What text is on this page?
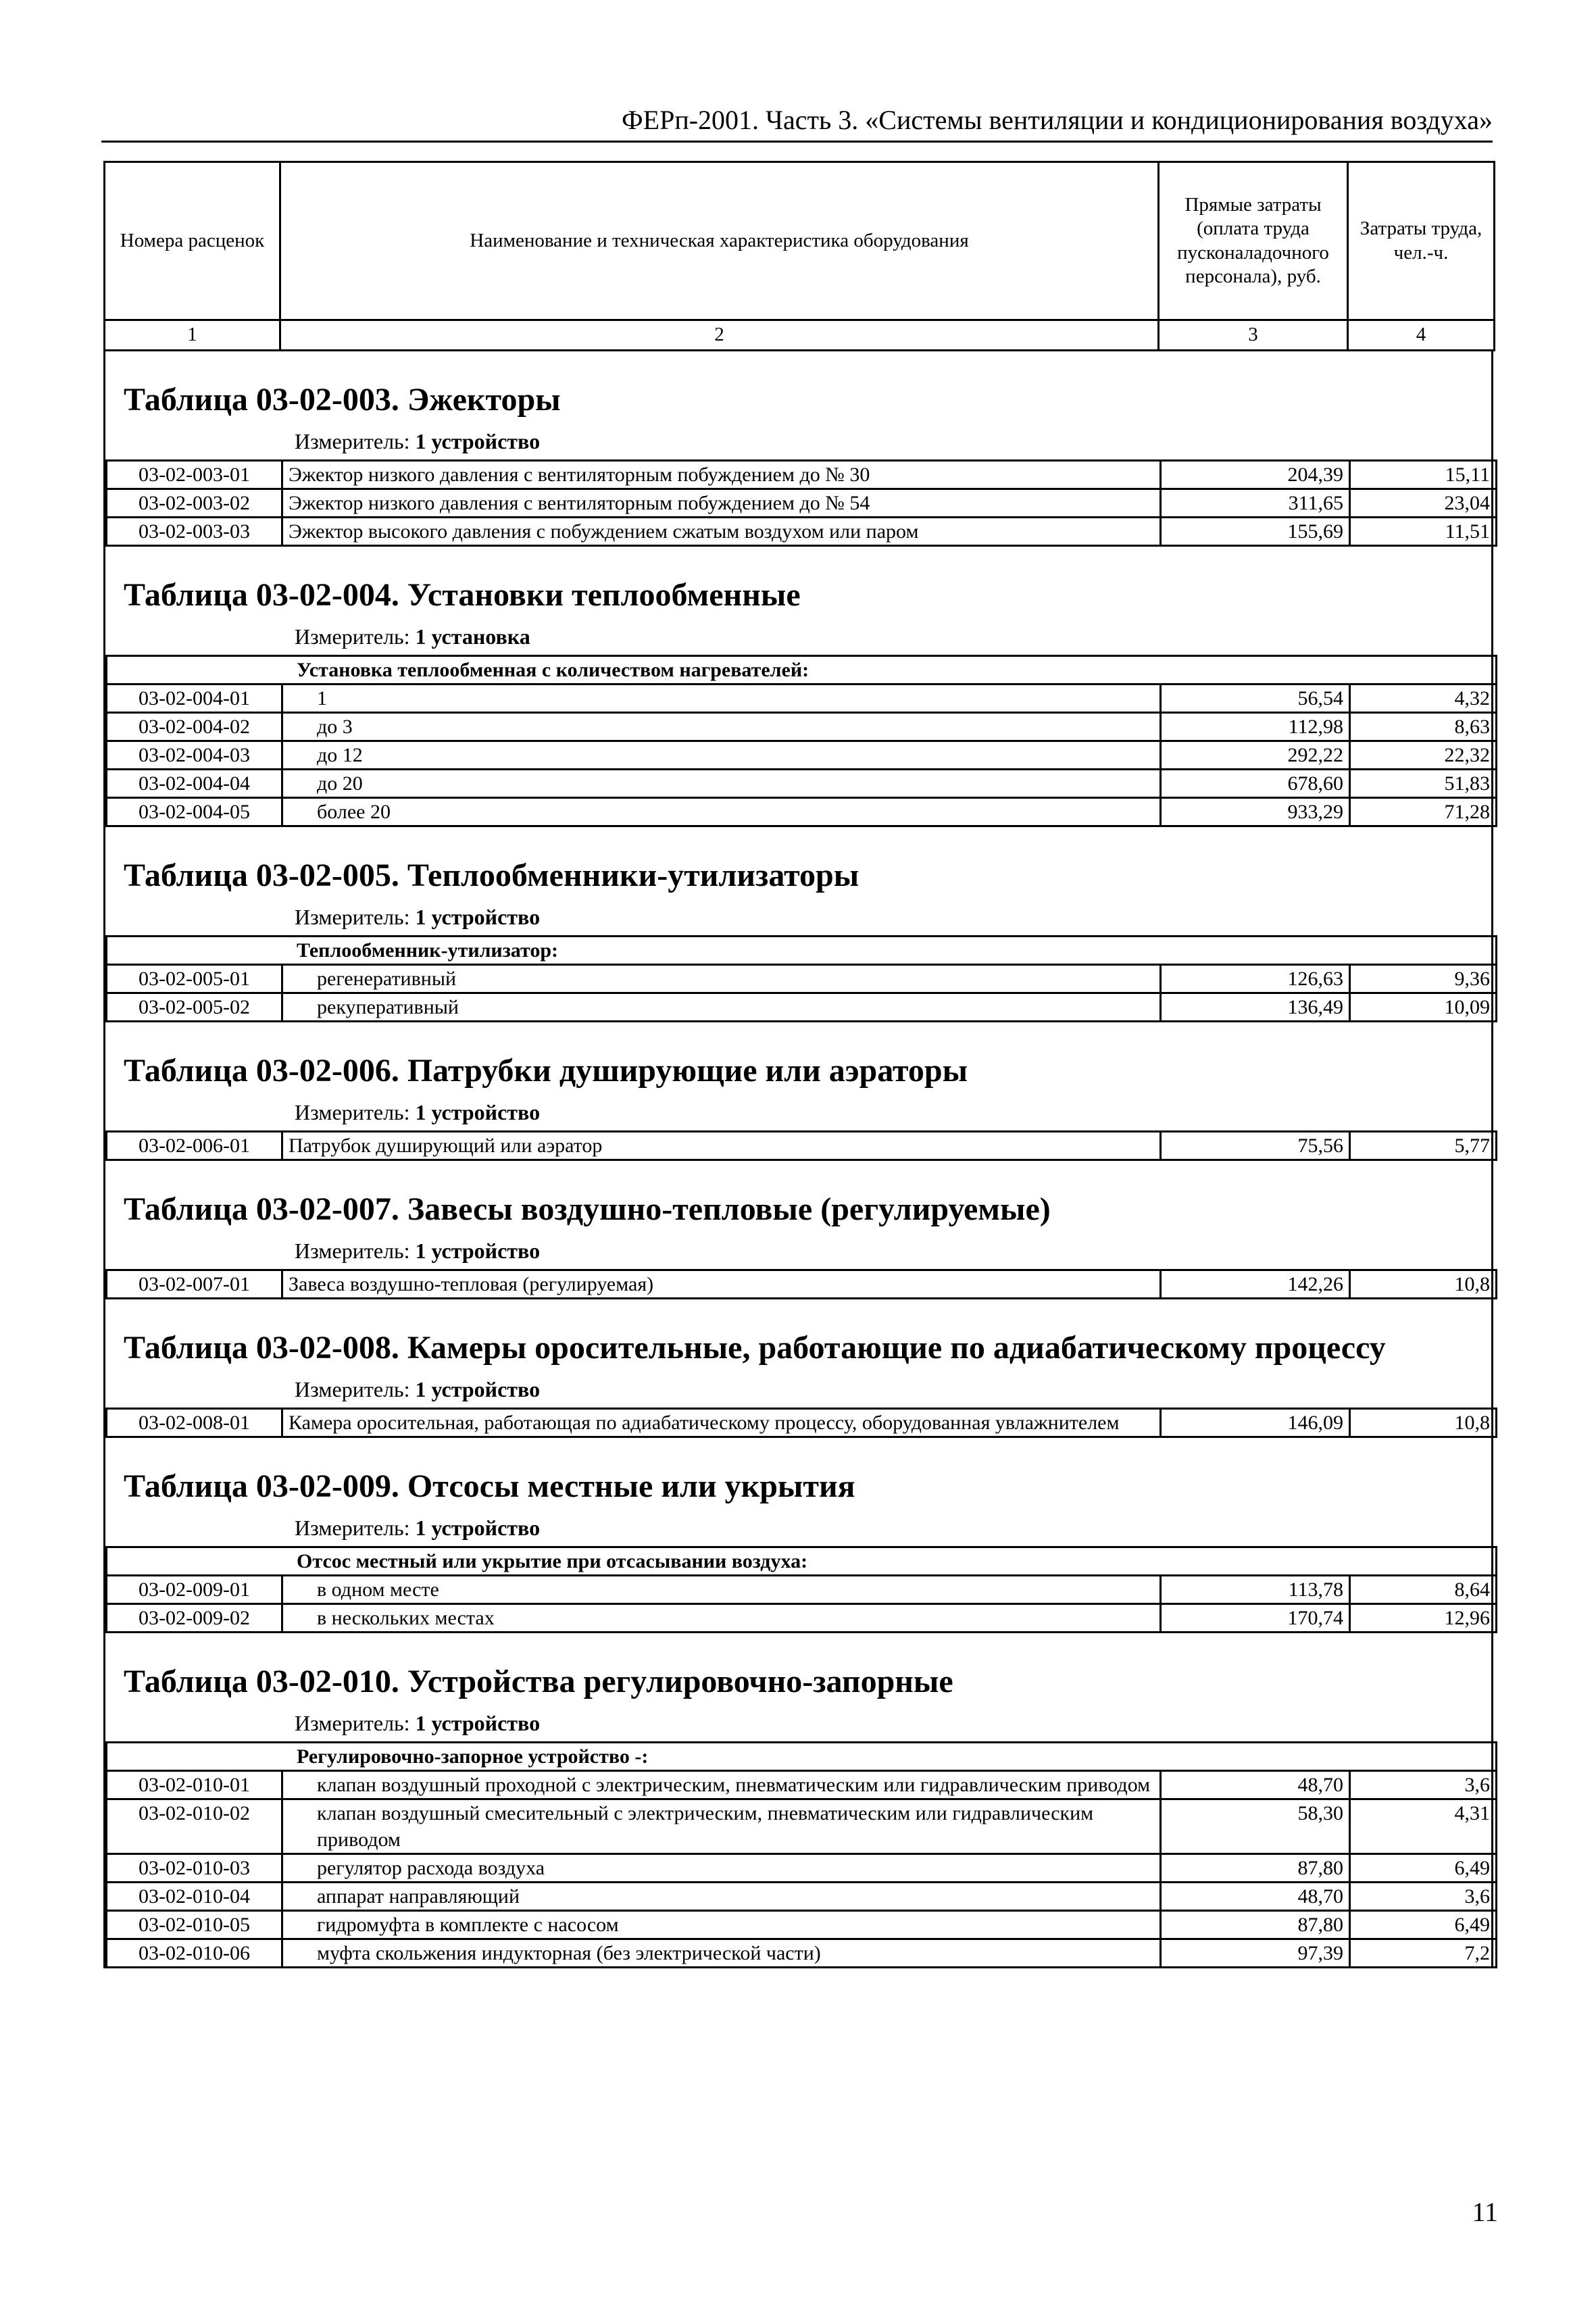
ФЕРп-2001. Часть 3. «Системы вентиляции и кондиционирования воздуха»
Номера расценок	Наименование и техническая характеристика оборудования	Прямые затраты (оплата труда пусконаладочного персонала), руб.	Затраты труда, чел.-ч.
1	2	3	4
Таблица 03-02-003. Эжекторы
Измеритель: 1 устройство
03-02-003-01	Эжектор низкого давления с вентиляторным побуждением до № 30	204,39	15,11
03-02-003-02	Эжектор низкого давления с вентиляторным побуждением до № 54	311,65	23,04
03-02-003-03	Эжектор высокого давления с побуждением сжатым воздухом или паром	155,69	11,51
Таблица 03-02-004. Установки теплообменные
Измеритель: 1 установка
Установка теплообменная с количеством нагревателей:			
03-02-004-01	1	56,54	4,32
03-02-004-02	до 3	112,98	8,63
03-02-004-03	до 12	292,22	22,32
03-02-004-04	до 20	678,60	51,83
03-02-004-05	более 20	933,29	71,28
Таблица 03-02-005. Теплообменники-утилизаторы
Измеритель: 1 устройство
Теплообменник-утилизатор:			
03-02-005-01	регенеративный	126,63	9,36
03-02-005-02	рекуперативный	136,49	10,09
Таблица 03-02-006. Патрубки душирующие или аэраторы
Измеритель: 1 устройство
03-02-006-01	Патрубок душирующий или аэратор	75,56	5,77
Таблица 03-02-007. Завесы воздушно-тепловые (регулируемые)
Измеритель: 1 устройство
03-02-007-01	Завеса воздушно-тепловая (регулируемая)	142,26	10,8
Таблица 03-02-008. Камеры оросительные, работающие по адиабатическому процессу
Измеритель: 1 устройство
03-02-008-01	Камера оросительная, работающая по адиабатическому процессу, оборудованная увлажнителем	146,09	10,8
Таблица 03-02-009. Отсосы местные или укрытия
Измеритель: 1 устройство
Отсос местный или укрытие при отсасывании воздуха:			
03-02-009-01	в одном месте	113,78	8,64
03-02-009-02	в нескольких местах	170,74	12,96
Таблица 03-02-010. Устройства регулировочно-запорные
Измеритель: 1 устройство
Регулировочно-запорное устройство -:			
03-02-010-01	клапан воздушный проходной с электрическим, пневматическим или гидравлическим приводом	48,70	3,6
03-02-010-02	клапан воздушный смесительный с электрическим, пневматическим или гидравлическим приводом	58,30	4,31
03-02-010-03	регулятор расхода воздуха	87,80	6,49
03-02-010-04	аппарат направляющий	48,70	3,6
03-02-010-05	гидромуфта в комплекте с насосом	87,80	6,49
03-02-010-06	муфта скольжения индукторная (без электрической части)	97,39	7,2
11
